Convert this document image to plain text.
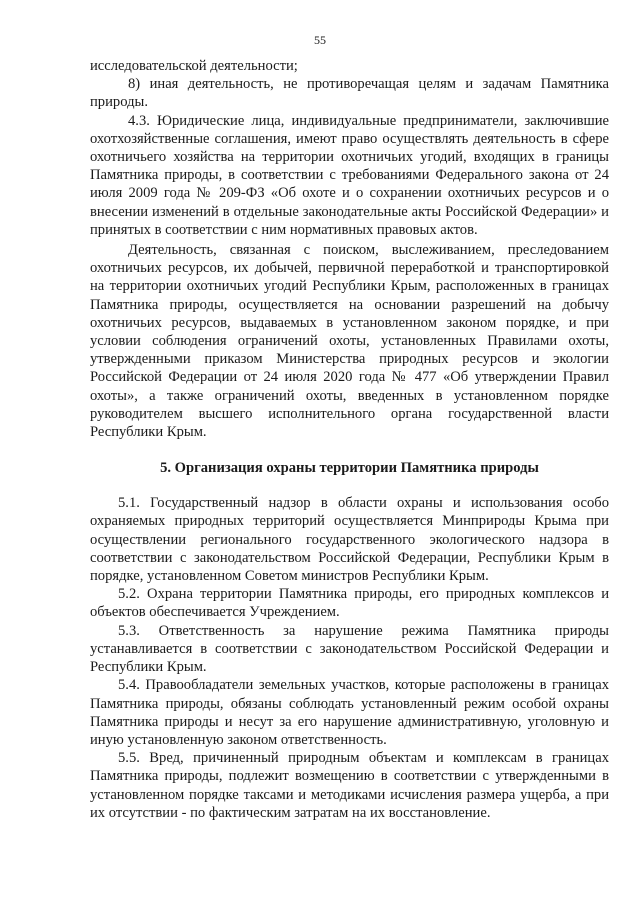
55

исследовательской деятельности;

8) иная деятельность, не противоречащая целям и задачам Памятника природы.

4.3. Юридические лица, индивидуальные предприниматели, заключившие охотхозяйственные соглашения, имеют право осуществлять деятельность в сфере охотничьего хозяйства на территории охотничьих угодий, входящих в границы Памятника природы, в соответствии с требованиями Федерального закона от 24 июля 2009 года № 209-ФЗ «Об охоте и о сохранении охотничьих ресурсов и о внесении изменений в отдельные законодательные акты Российской Федерации» и принятых в соответствии с ним нормативных правовых актов.

Деятельность, связанная с поиском, выслеживанием, преследованием охотничьих ресурсов, их добычей, первичной переработкой и транспортировкой на территории охотничьих угодий Республики Крым, расположенных в границах Памятника природы, осуществляется на основании разрешений на добычу охотничьих ресурсов, выдаваемых в установленном законом порядке, и при условии соблюдения ограничений охоты, установленных Правилами охоты, утвержденными приказом Министерства природных ресурсов и экологии Российской Федерации от 24 июля 2020 года № 477 «Об утверждении Правил охоты», а также ограничений охоты, введенных в установленном порядке руководителем высшего исполнительного органа государственной власти Республики Крым.

5. Организация охраны территории Памятника природы

5.1. Государственный надзор в области охраны и использования особо охраняемых природных территорий осуществляется Минприроды Крыма при осуществлении регионального государственного экологического надзора в соответствии с законодательством Российской Федерации, Республики Крым в порядке, установленном Советом министров Республики Крым.

5.2. Охрана территории Памятника природы, его природных комплексов и объектов обеспечивается Учреждением.

5.3. Ответственность за нарушение режима Памятника природы устанавливается в соответствии с законодательством Российской Федерации и Республики Крым.

5.4. Правообладатели земельных участков, которые расположены в границах Памятника природы, обязаны соблюдать установленный режим особой охраны Памятника природы и несут за его нарушение административную, уголовную и иную установленную законом ответственность.

5.5. Вред, причиненный природным объектам и комплексам в границах Памятника природы, подлежит возмещению в соответствии с утвержденными в установленном порядке таксами и методиками исчисления размера ущерба, а при их отсутствии - по фактическим затратам на их восстановление.
